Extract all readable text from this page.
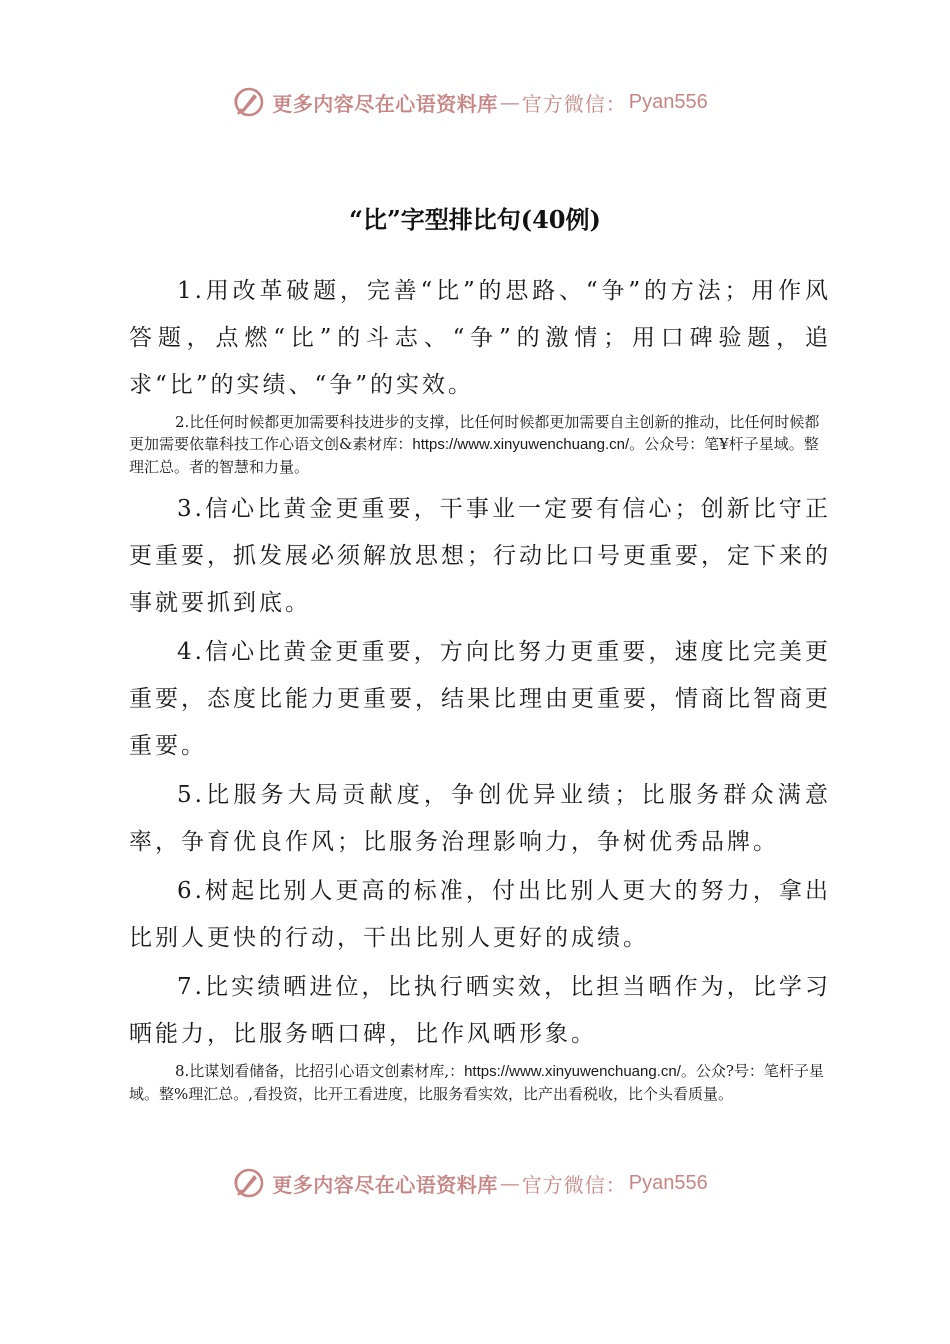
更多内容尽在心语资料库 — 官方微信： Pyan556
“比”字型排比句(40例)

1.用改革破题，完善“比”的思路、“争”的方法；用作风答题，点燃“比”的斗志、“争”的激情；用口碑验题，追求“比”的实绩、“争”的实效。

2.比任何时候都更加需要科技进步的支撑，比任何时候都更加需要自主创新的推动，比任何时候都更加需要依靠科技工作心语文创&素材库：https://www.xinyuwenchuang.cn/。公众号：笔¥杆子星域。整理汇总。者的智慧和力量。

3.信心比黄金更重要，干事业一定要有信心；创新比守正更重要，抓发展必须解放思想；行动比口号更重要，定下来的事就要抓到底。

4.信心比黄金更重要，方向比努力更重要，速度比完美更重要，态度比能力更重要，结果比理由更重要，情商比智商更重要。

5.比服务大局贡献度，争创优异业绩；比服务群众满意率，争育优良作风；比服务治理影响力，争树优秀品牌。

6.树起比别人更高的标准，付出比别人更大的努力，拿出比别人更快的行动，干出比别人更好的成绩。

7.比实绩晒进位，比执行晒实效，比担当晒作为，比学习晒能力，比服务晒口碑，比作风晒形象。

8.比谋划看储备，比招引心语文创素材库,：https://www.xinyuwenchuang.cn/。公众?号：笔杆子星域。整%理汇总。,看投资，比开工看进度，比服务看实效，比产出看税收，比个头看质量。

更多内容尽在心语资料库 — 官方微信： Pyan556
